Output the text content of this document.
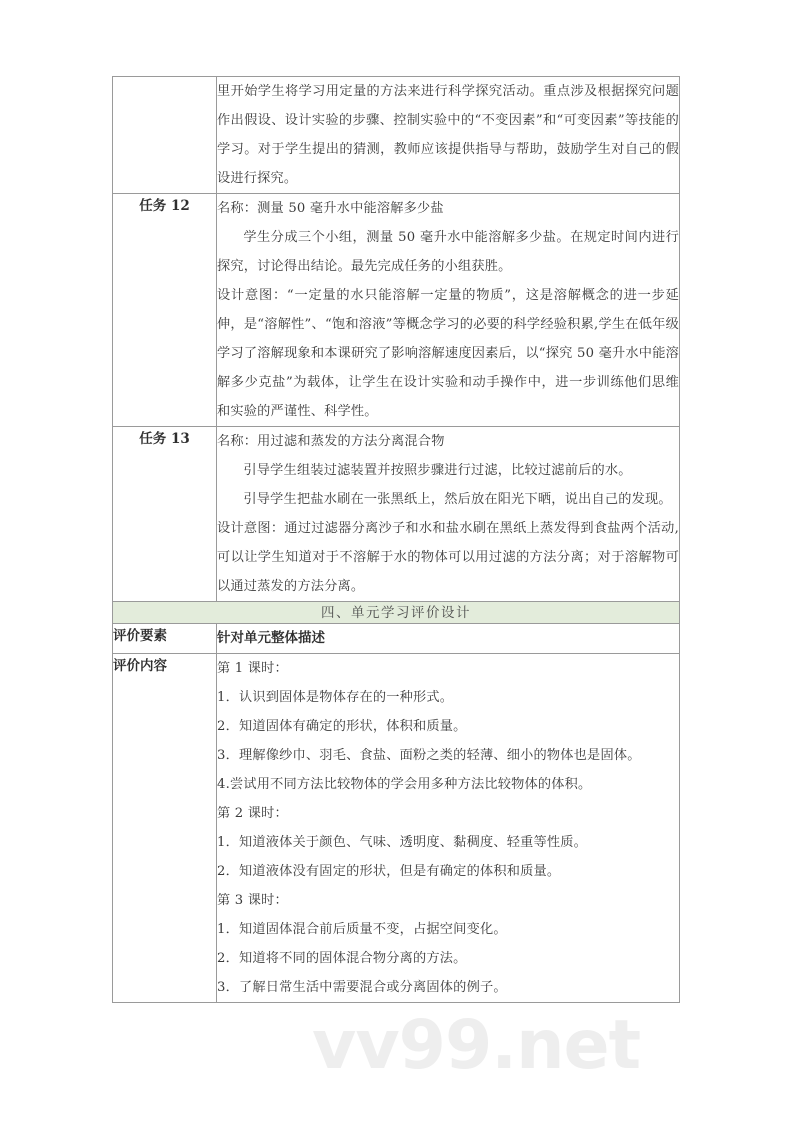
	里开始学生将学习用定量的方法来进行科学探究活动。重点涉及根据探究问题作出假设、设计实验的步骤、控制实验中的“不变因素”和“可变因素”等技能的学习。对于学生提出的猜测，教师应该提供指导与帮助，鼓励学生对自己的假设进行探究。

任务 12	名称：测量 50 毫升水中能溶解多少盐

学生分成三个小组，测量 50 毫升水中能溶解多少盐。在规定时间内进行探究，讨论得出结论。最先完成任务的小组获胜。

设计意图：“一定量的水只能溶解一定量的物质”，这是溶解概念的进一步延伸，是“溶解性”、“饱和溶液”等概念学习的必要的科学经验积累,学生在低年级学习了溶解现象和本课研究了影响溶解速度因素后，以“探究 50 毫升水中能溶解多少克盐”为载体，让学生在设计实验和动手操作中，进一步训练他们思维和实验的严谨性、科学性。

任务 13	名称：用过滤和蒸发的方法分离混合物

引导学生组装过滤装置并按照步骤进行过滤，比较过滤前后的水。

引导学生把盐水刷在一张黑纸上，然后放在阳光下晒，说出自己的发现。

设计意图：通过过滤器分离沙子和水和盐水刷在黑纸上蒸发得到食盐两个活动,可以让学生知道对于不溶解于水的物体可以用过滤的方法分离；对于溶解物可以通过蒸发的方法分离。

四、单元学习评价设计	
评价要素	针对单元整体描述

评价内容	第 1 课时：

1．认识到固体是物体存在的一种形式。

2．知道固体有确定的形状，体积和质量。

3．理解像纱巾、羽毛、食盐、面粉之类的轻薄、细小的物体也是固体。

4.尝试用不同方法比较物体的学会用多种方法比较物体的体积。

第 2 课时：

1．知道液体关于颜色、气味、透明度、黏稠度、轻重等性质。

2．知道液体没有固定的形状，但是有确定的体积和质量。

第 3 课时：

1．知道固体混合前后质量不变，占据空间变化。

2．知道将不同的固体混合物分离的方法。

3．了解日常生活中需要混合或分离固体的例子。

vv99.net
